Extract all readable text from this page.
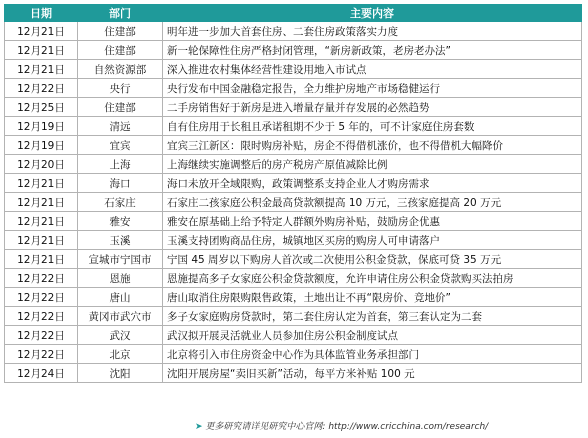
日期	部门	主要内容
12月21日	住建部	明年进一步加大首套住房、二套住房政策落实力度
12月21日	住建部	新一轮保障性住房严格封闭管理，“新房新政策，老房老办法”
12月21日	自然资源部	深入推进农村集体经营性建设用地入市试点
12月22日	央行	央行发布中国金融稳定报告，全力维护房地产市场稳健运行
12月25日	住建部	二手房销售好于新房是进入增量存量并存发展的必然趋势
12月19日	清远	自有住房用于长租且承诺租期不少于 5 年的，可不计家庭住房套数
12月19日	宜宾	宜宾三江新区：限时购房补贴，房企不得借机涨价，也不得借机大幅降价
12月20日	上海	上海继续实施调整后的房产税房产原值减除比例
12月21日	海口	海口未放开全域限购，政策调整系支持企业人才购房需求
12月21日	石家庄	石家庄二孩家庭公积金最高贷款额提高 10 万元，三孩家庭提高 20 万元
12月21日	雅安	雅安在原基础上给予特定人群额外购房补贴，鼓励房企优惠
12月21日	玉溪	玉溪支持团购商品住房，城镇地区买房的购房人可申请落户
12月21日	宣城市宁国市	宁国 45 周岁以下购房人首次或二次使用公积金贷款，保底可贷 35 万元
12月22日	恩施	恩施提高多子女家庭公积金贷款额度，允许申请住房公积金贷款购买法拍房
12月22日	唐山	唐山取消住房限购限售政策，土地出让不再“限房价、竞地价”
12月22日	黄冈市武穴市	多子女家庭购房贷款时，第二套住房认定为首套，第三套认定为二套
12月22日	武汉	武汉拟开展灵活就业人员参加住房公积金制度试点
12月22日	北京	北京将引入市住房资金中心作为具体监管业务承担部门
12月24日	沈阳	沈阳开展房屋“卖旧买新”活动，每平方米补贴 100 元
➤ 更多研究请详见研究中心官网: http://www.cricchina.com/research/
